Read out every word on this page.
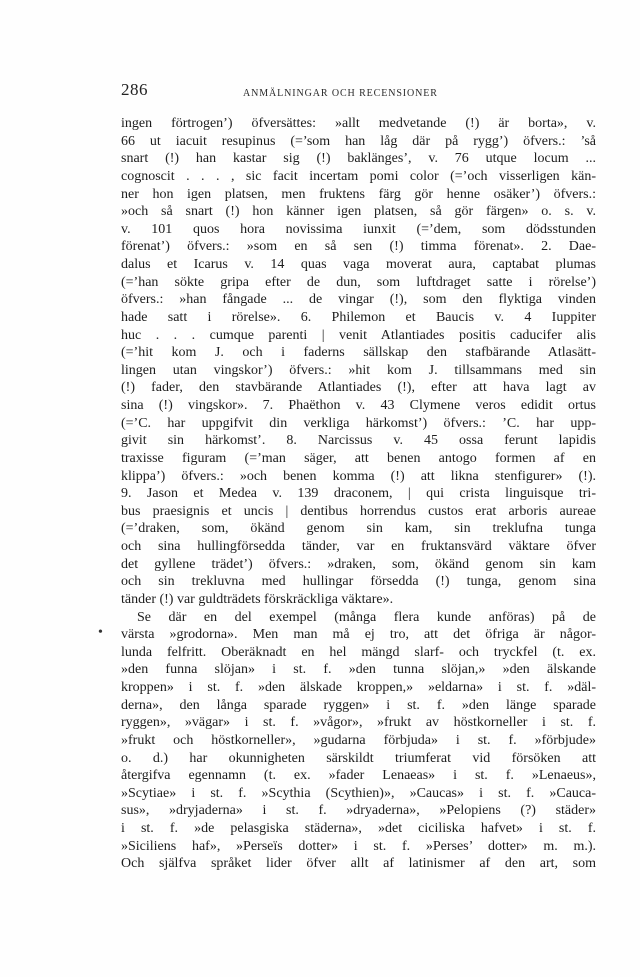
286	ANMÄLNINGAR OCH RECENSIONER
•
ingen förtrogen’) öfversättes: »allt medvetande (!) är borta», v.
66 ut iacuit resupinus (=’som han låg där på rygg’) öfvers.: ’så
snart (!) han kastar sig (!) baklänges’, v. 76 utque locum ...
cognoscit . . . , sic facit incertam pomi color (=’och visserligen kän-
ner hon igen platsen, men fruktens färg gör henne osäker’) öfvers.:
»och så snart (!) hon känner igen platsen, så gör färgen» o. s. v.
v. 101 quos hora novissima iunxit (=’dem, som dödsstunden
förenat’) öfvers.: »som en så sen (!) timma förenat». 2. Dae-
dalus et Icarus v. 14 quas vaga moverat aura, captabat plumas
(=’han sökte gripa efter de dun, som luftdraget satte i rörelse’)
öfvers.: »han fångade ... de vingar (!), som den flyktiga vinden
hade satt i rörelse». 6. Philemon et Baucis v. 4 Iuppiter
huc . . . cumque parenti | venit Atlantiades positis caducifer alis
(=’hit kom J. och i faderns sällskap den stafbärande Atlasätt-
lingen utan vingskor’) öfvers.: »hit kom J. tillsammans med sin
(!) fader, den stavbärande Atlantiades (!), efter att hava lagt av
sina (!) vingskor». 7. Phaëthon v. 43 Clymene veros edidit ortus
(=’C. har uppgifvit din verkliga härkomst’) öfvers.: ’C. har upp-
givit sin härkomst’. 8. Narcissus v. 45 ossa ferunt lapidis
traxisse figuram (=’man säger, att benen antogo formen af en
klippa’) öfvers.: »och benen komma (!) att likna stenfigurer» (!).
9. Jason et Medea v. 139 draconem, | qui crista linguisque tri-
bus praesignis et uncis | dentibus horrendus custos erat arboris aureae
(=’draken, som, ökänd genom sin kam, sin treklufna tunga
och sina hullingförsedda tänder, var en fruktansvärd väktare öfver
det gyllene trädet’) öfvers.: »draken, som, ökänd genom sin kam
och sin trekluvna med hullingar försedda (!) tunga, genom sina
tänder (!) var guldträdets förskräckliga väktare».
Se där en del exempel (många flera kunde anföras) på de
värsta »grodorna». Men man må ej tro, att det öfriga är någor-
lunda felfritt. Oberäknadt en hel mängd slarf- och tryckfel (t. ex.
»den funna slöjan» i st. f. »den tunna slöjan,» »den älskande
kroppen» i st. f. »den älskade kroppen,» »eldarna» i st. f. »däl-
derna», den långa sparade ryggen» i st. f. »den länge sparade
ryggen», »vägar» i st. f. »vågor», »frukt av höstkorneller i st. f.
»frukt och höstkorneller», »gudarna förbjuda» i st. f. »förbjude»
o. d.) har okunnigheten särskildt triumferat vid försöken att
återgifva egennamn (t. ex. »fader Lenaeas» i st. f. »Lenaeus»,
»Scytiae» i st. f. »Scythia (Scythien)», »Caucas» i st. f. »Cauca-
sus», »dryjaderna» i st. f. »dryaderna», »Pelopiens (?) städer»
i st. f. »de pelasgiska städerna», »det ciciliska hafvet» i st. f.
»Siciliens haf», »Perseïs dotter» i st. f. »Perses’ dotter» m. m.).
Och själfva språket lider öfver allt af latinismer af den art, som
